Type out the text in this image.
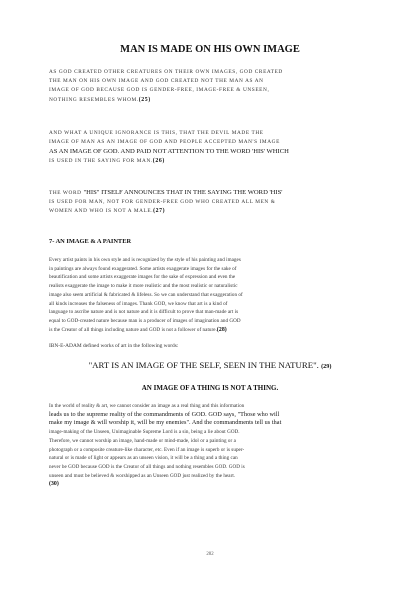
MAN IS MADE ON HIS OWN IMAGE
AS GOD CREATED OTHER CREATURES ON THEIR OWN IMAGES, GOD CREATED
THE MAN ON HIS OWN IMAGE AND GOD CREATED NOT THE MAN AS AN
IMAGE OF GOD BECAUSE GOD IS GENDER-FREE, IMAGE-FREE & UNSEEN,
NOTHING RESEMBLES WHOM.(25)
AND WHAT A UNIQUE IGNORANCE IS THIS, THAT THE DEVIL MADE THE
IMAGE OF MAN AS AN IMAGE OF GOD AND PEOPLE ACCEPTED MAN'S IMAGE
AS AN IMAGE OF GOD. AND PAID NOT ATTENTION TO THE WORD 'HIS' WHICH
IS USED IN THE SAYING FOR MAN.(26)
THE WORD "HIS" ITSELF ANNOUNCES THAT IN THE SAYING THE WORD 'HIS'
IS USED FOR MAN, NOT FOR GENDER-FREE GOD WHO CREATED ALL MEN &
WOMEN AND WHO IS NOT A MALE.(27)
7- AN IMAGE & A PAINTER
Every artist paints in his own style and is recognized by the style of his painting and images
in paintings are always found exaggerated. Some artists exaggerate images for the sake of
beautification and some artists exaggerate images for the sake of expression and even the
realists exaggerate the image to make it more realistic and the most realistic or naturalistic
image also seem artificial & fabricated & lifeless. So we can understand that exaggeration of
all kinds increases the falseness of images. Thank GOD, we know that art is a kind of
language to ascribe nature and is not nature and it is difficult to prove that man-made art is
equal to GOD-created nature because man is a producer of images of imagination and GOD
is the Creator of all things including nature and GOD is not a follower of nature.(28)
IBN-E-ADAM defined works of art in the following words:
"ART IS AN IMAGE OF THE SELF, SEEN IN THE NATURE". (29)
AN IMAGE OF A THING IS NOT A THING.
In the world of reality & art, we cannot consider an image as a real thing and this information
leads us to the supreme reality of the commandments of GOD. GOD says, "Those who will
make my image & will worship it, will be my enemies". And the commandments tell us that
image-making of the Unseen, Unimaginable Supreme Lord is a sin, being a lie about GOD.
Therefore, we cannot worship an image, hand-made or mind-made, idol or a painting or a
photograph or a composite creature-like character, etc. Even if an image is superb or is super-
natural or is made of light or appears as an unseen vision, it will be a thing and a thing can
never be GOD because GOD is the Creator of all things and nothing resembles GOD. GOD is
unseen and must be believed & worshipped as an Unseen GOD just realized by the heart.
(30)
282
